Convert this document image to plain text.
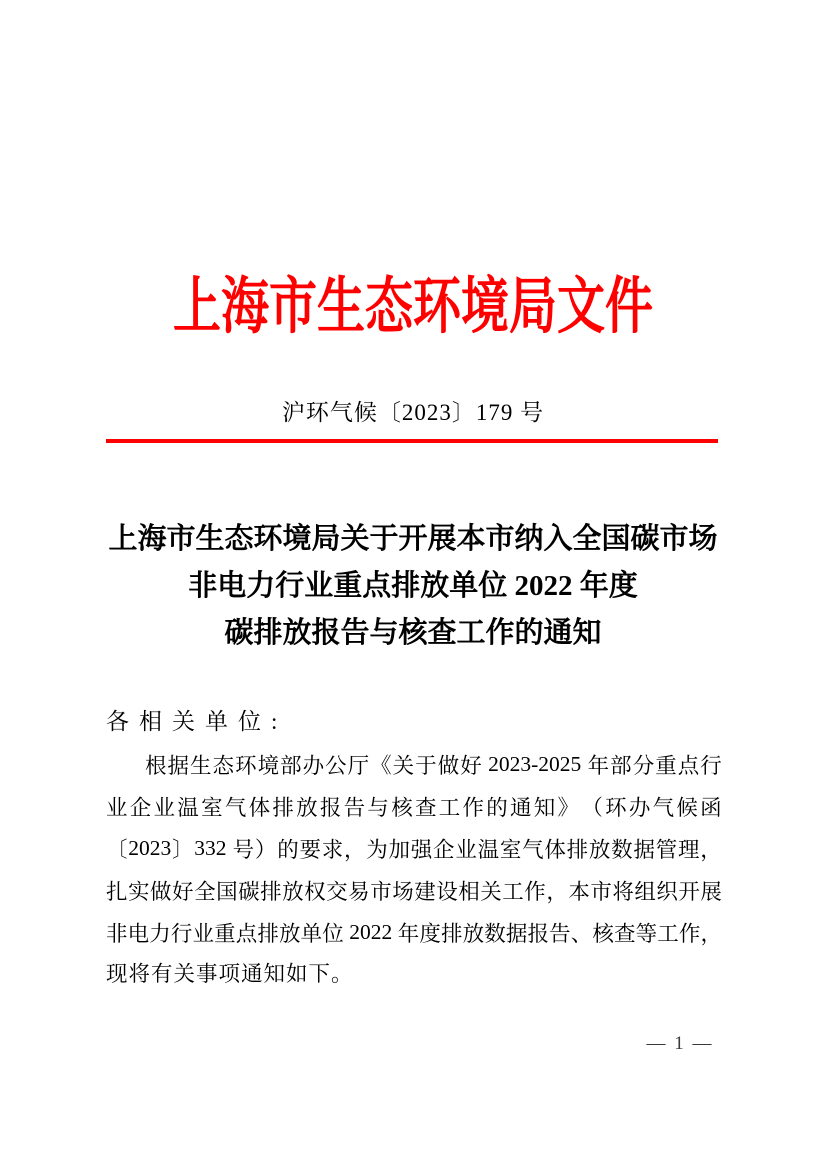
上海市生态环境局文件
沪环气候〔2023〕179 号
上海市生态环境局关于开展本市纳入全国碳市场
非电力行业重点排放单位 2022 年度
碳排放报告与核查工作的通知
各相关单位:
根 据 生 态 环 境 部 办 公 厅 《 关 于 做 好 2023-2025 年 部 分 重 点 行
业 企 业 温 室 气 体 排 放 报 告 与 核 查 工 作 的 通 知 》 （ 环 办 气 候 函
〔 2023 〕 332 号 ） 的 要 求 ， 为 加 强 企 业 温 室 气 体 排 放 数 据 管 理 ，
扎 实 做 好 全 国 碳 排 放 权 交 易 市 场 建 设 相 关 工 作 ， 本 市 将 组 织 开 展
非 电 力 行 业 重 点 排 放 单 位 2022 年 度 排 放 数 据 报 告 、 核 查 等 工 作 ，
现将有关事项通知如下。
— 1 —
